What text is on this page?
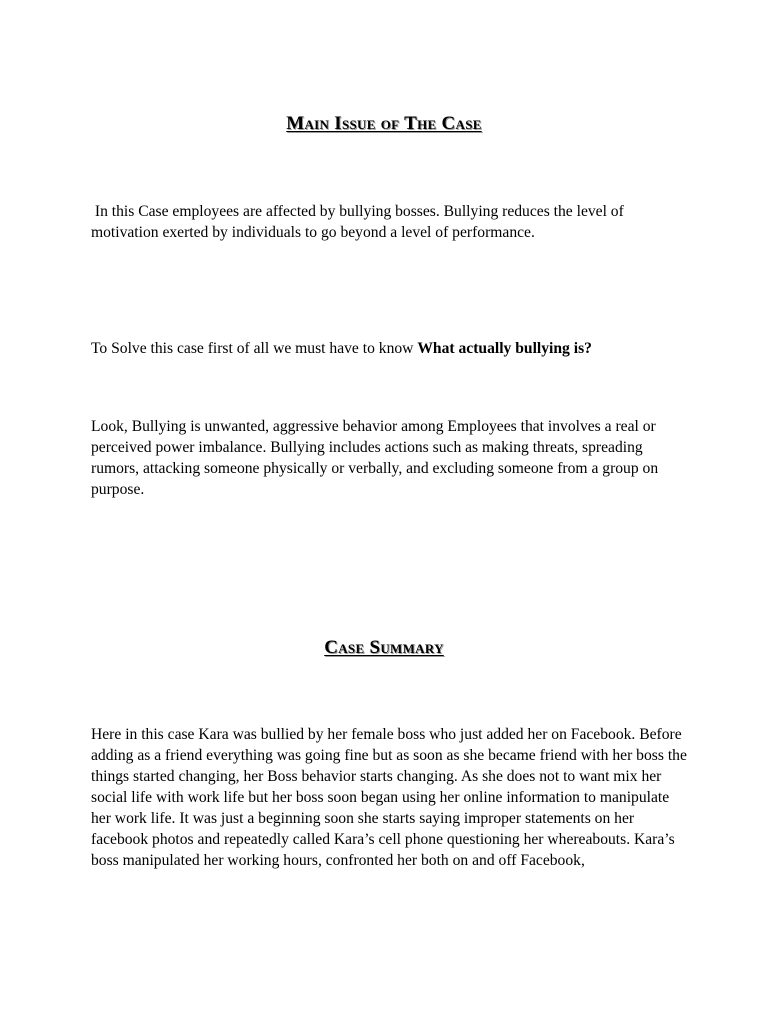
Main Issue of The Case

In this Case employees are affected by bullying bosses. Bullying reduces the level of motivation exerted by individuals to go beyond a level of performance.

To Solve this case first of all we must have to know What actually bullying is?

Look, Bullying is unwanted, aggressive behavior among Employees that involves a real or perceived power imbalance. Bullying includes actions such as making threats, spreading rumors, attacking someone physically or verbally, and excluding someone from a group on purpose.

Case Summary

Here in this case Kara was bullied by her female boss who just added her on Facebook. Before adding as a friend everything was going fine but as soon as she became friend with her boss the things started changing, her Boss behavior starts changing. As she does not to want mix her social life with work life but her boss soon began using her online information to manipulate her work life. It was just a beginning soon she starts saying improper statements on her facebook photos and repeatedly called Kara’s cell phone questioning her whereabouts. Kara’s boss manipulated her working hours, confronted her both on and off Facebook,
